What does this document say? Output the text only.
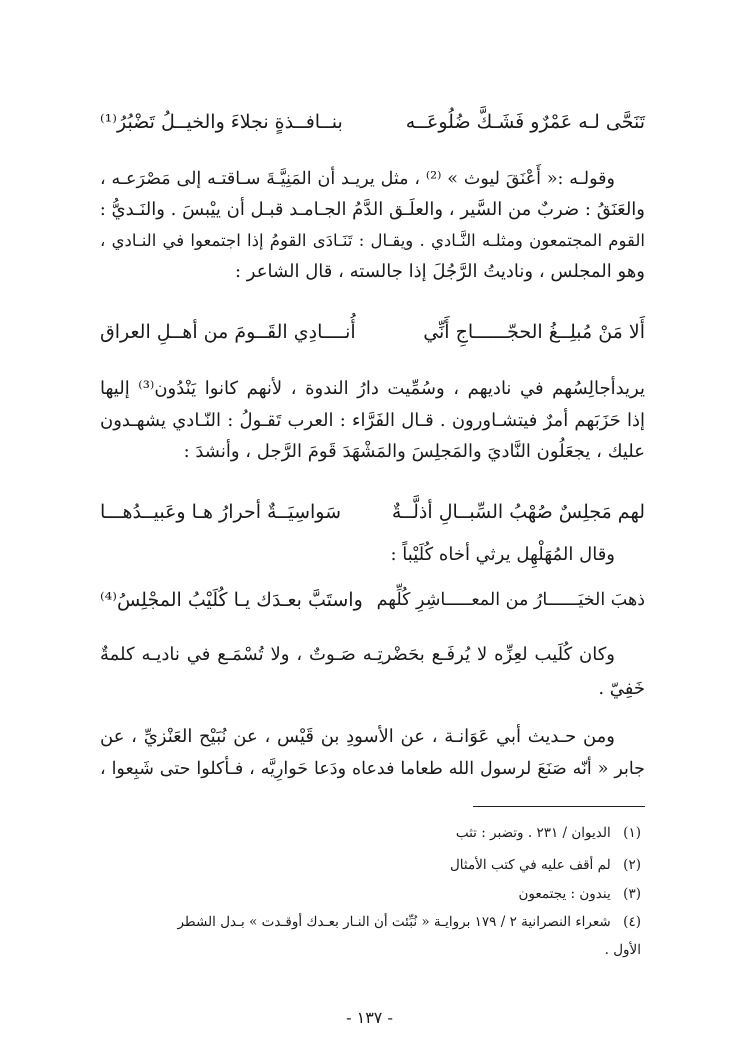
تَنَحَّى لـه عَمْرٌو فَشَـكَّ ضُلُوعَــه
بنــافــذةٍ نجلاءَ والخيــلُ تَضْبُرُ⁽¹⁾
وقولـه :« أَعْنَقَ ليوث » ⁽²⁾ ، مثل يريـد أن المَنِيَّـةَ سـاقتـه إلى مَصْرَعـه ،
والعَنَقُ : ضربٌ من السَّير ، والعلَـق الدَّمُ الجـامـد قبـل أن ييْبسَ . والنَـديُّ :
القوم المجتمعون ومثلـه النَّـادي . ويقـال : تَنَـادَى القومُ إذا اجتمعوا في النـادي ،
وهو المجلس ، وناديتُ الرَّجُلَ إذا جالسته ، قال الشاعر :
أَلا مَنْ مُبلِــغُ الحجّــــــاجِ أَنِّي
أُنــــادِي القَــومَ من أهــلِ العراق
يريدأجالِسُهم في ناديهم ، وسُمِّيت دارُ الندوة ، لأنهم كانوا يَنْدُون⁽³⁾ إليها
إذا حَزَبَهم أمرٌ فيتشـاورون . قـال الفَرَّاء : العرب تَقـولُ : النّـادي يشهـدون
عليك ، يجعَلُون النَّاديَ والمَجلِسَ والمَشْهَدَ قَومَ الرَّجل ، وأنشدَ :
لهم مَجلِسٌ صُهْبُ السِّبــالِ أذلَّــةٌ
سَواسِيَــةٌ أحرارُ هـا وعَبيــدُهـــا
وقال المُهَلْهِل يرثي أخاه كُلَيْباً :
ذهبَ الخيَــــــارُ من المعـــــاشِرِ كُلِّهم
واستَبَّ بعـدَك يـا كُلَيْبُ المجْلِسُ⁽⁴⁾
وكان كُلَيب لعِزِّه لا يُرفَـع بحَضْرتِـه صَـوتٌ ، ولا تُسْمَـع في ناديـه كلمةٌ
خَفِيّ .
ومن حـديث أبي عَوَانـة ، عن الأسودِ بن قَيْس ، عن نُبَيْح العَنْزيِّ ، عن
جابر « أنّه صَنَعَ لرسول الله طعاما فدعاه ودَعا حَوارِيَّه ، فـأكلوا حتى شَبِعوا ،
(١) الديوان / ٢٣١ . وتضبر : تثب
(٢) لم أقف عليه في كتب الأمثال
(٣) يندون : يجتمعون
(٤) شعراء النصرانية ٢ / ١٧٩ بروايـة « نُبِّئت أن النـار بعـدك أوقـدت » بـدل الشطر
الأول .
- ١٣٧ -
